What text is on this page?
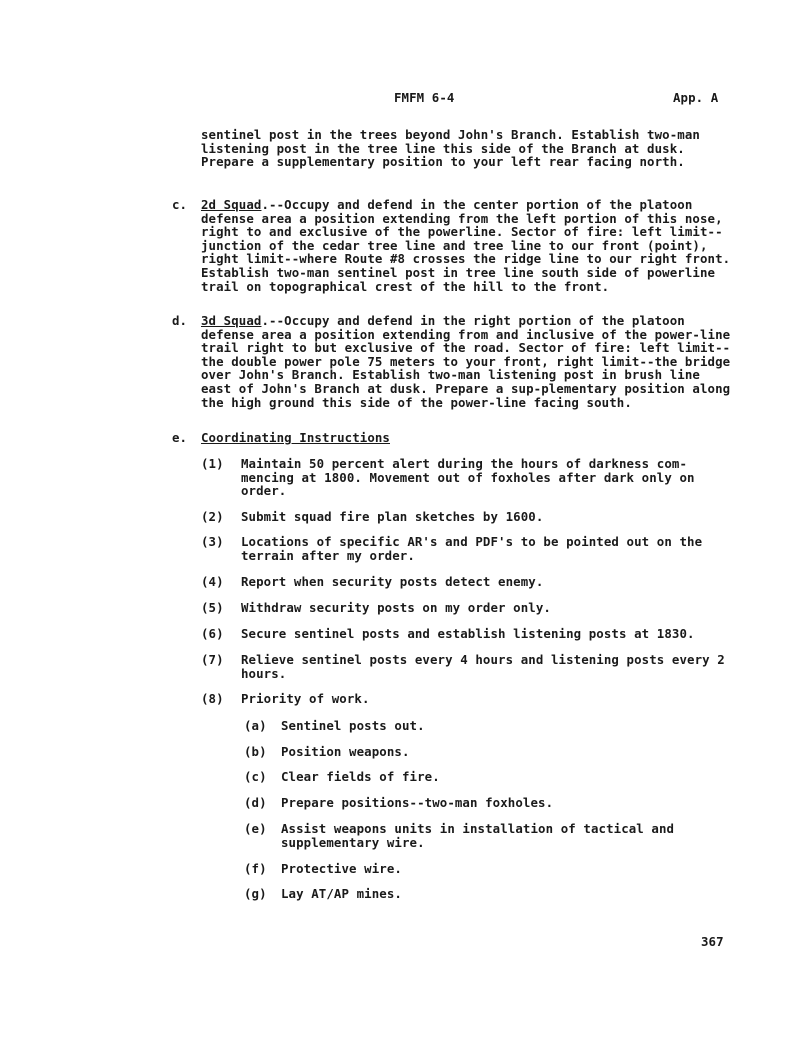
FMFM 6-4	App. A

sentinel post in the trees beyond John's Branch. Establish two-man listening post in the tree line this side of the Branch at dusk. Prepare a supplementary position to your left rear facing north.

c. 2d Squad.--Occupy and defend in the center portion of the platoon defense area a position extending from the left portion of this nose, right to and exclusive of the powerline. Sector of fire: left limit--junction of the cedar tree line and tree line to our front (point), right limit--where Route #8 crosses the ridge line to our right front. Establish two-man sentinel post in tree line south side of powerline trail on topographical crest of the hill to the front.

d. 3d Squad.--Occupy and defend in the right portion of the platoon defense area a position extending from and inclusive of the power-line trail right to but exclusive of the road. Sector of fire: left limit--the double power pole 75 meters to your front, right limit--the bridge over John's Branch. Establish two-man listening post in brush line east of John's Branch at dusk. Prepare a sup-plementary position along the high ground this side of the power-line facing south.

e. Coordinating Instructions
(1) Maintain 50 percent alert during the hours of darkness com-mencing at 1800. Movement out of foxholes after dark only on order.
(2) Submit squad fire plan sketches by 1600.
(3) Locations of specific AR's and PDF's to be pointed out on the terrain after my order.
(4) Report when security posts detect enemy.
(5) Withdraw security posts on my order only.
(6) Secure sentinel posts and establish listening posts at 1830.
(7) Relieve sentinel posts every 4 hours and listening posts every 2 hours.
(8) Priority of work.
(a) Sentinel posts out.
(b) Position weapons.
(c) Clear fields of fire.
(d) Prepare positions--two-man foxholes.
(e) Assist weapons units in installation of tactical and supplementary wire.
(f) Protective wire.
(g) Lay AT/AP mines.
367
